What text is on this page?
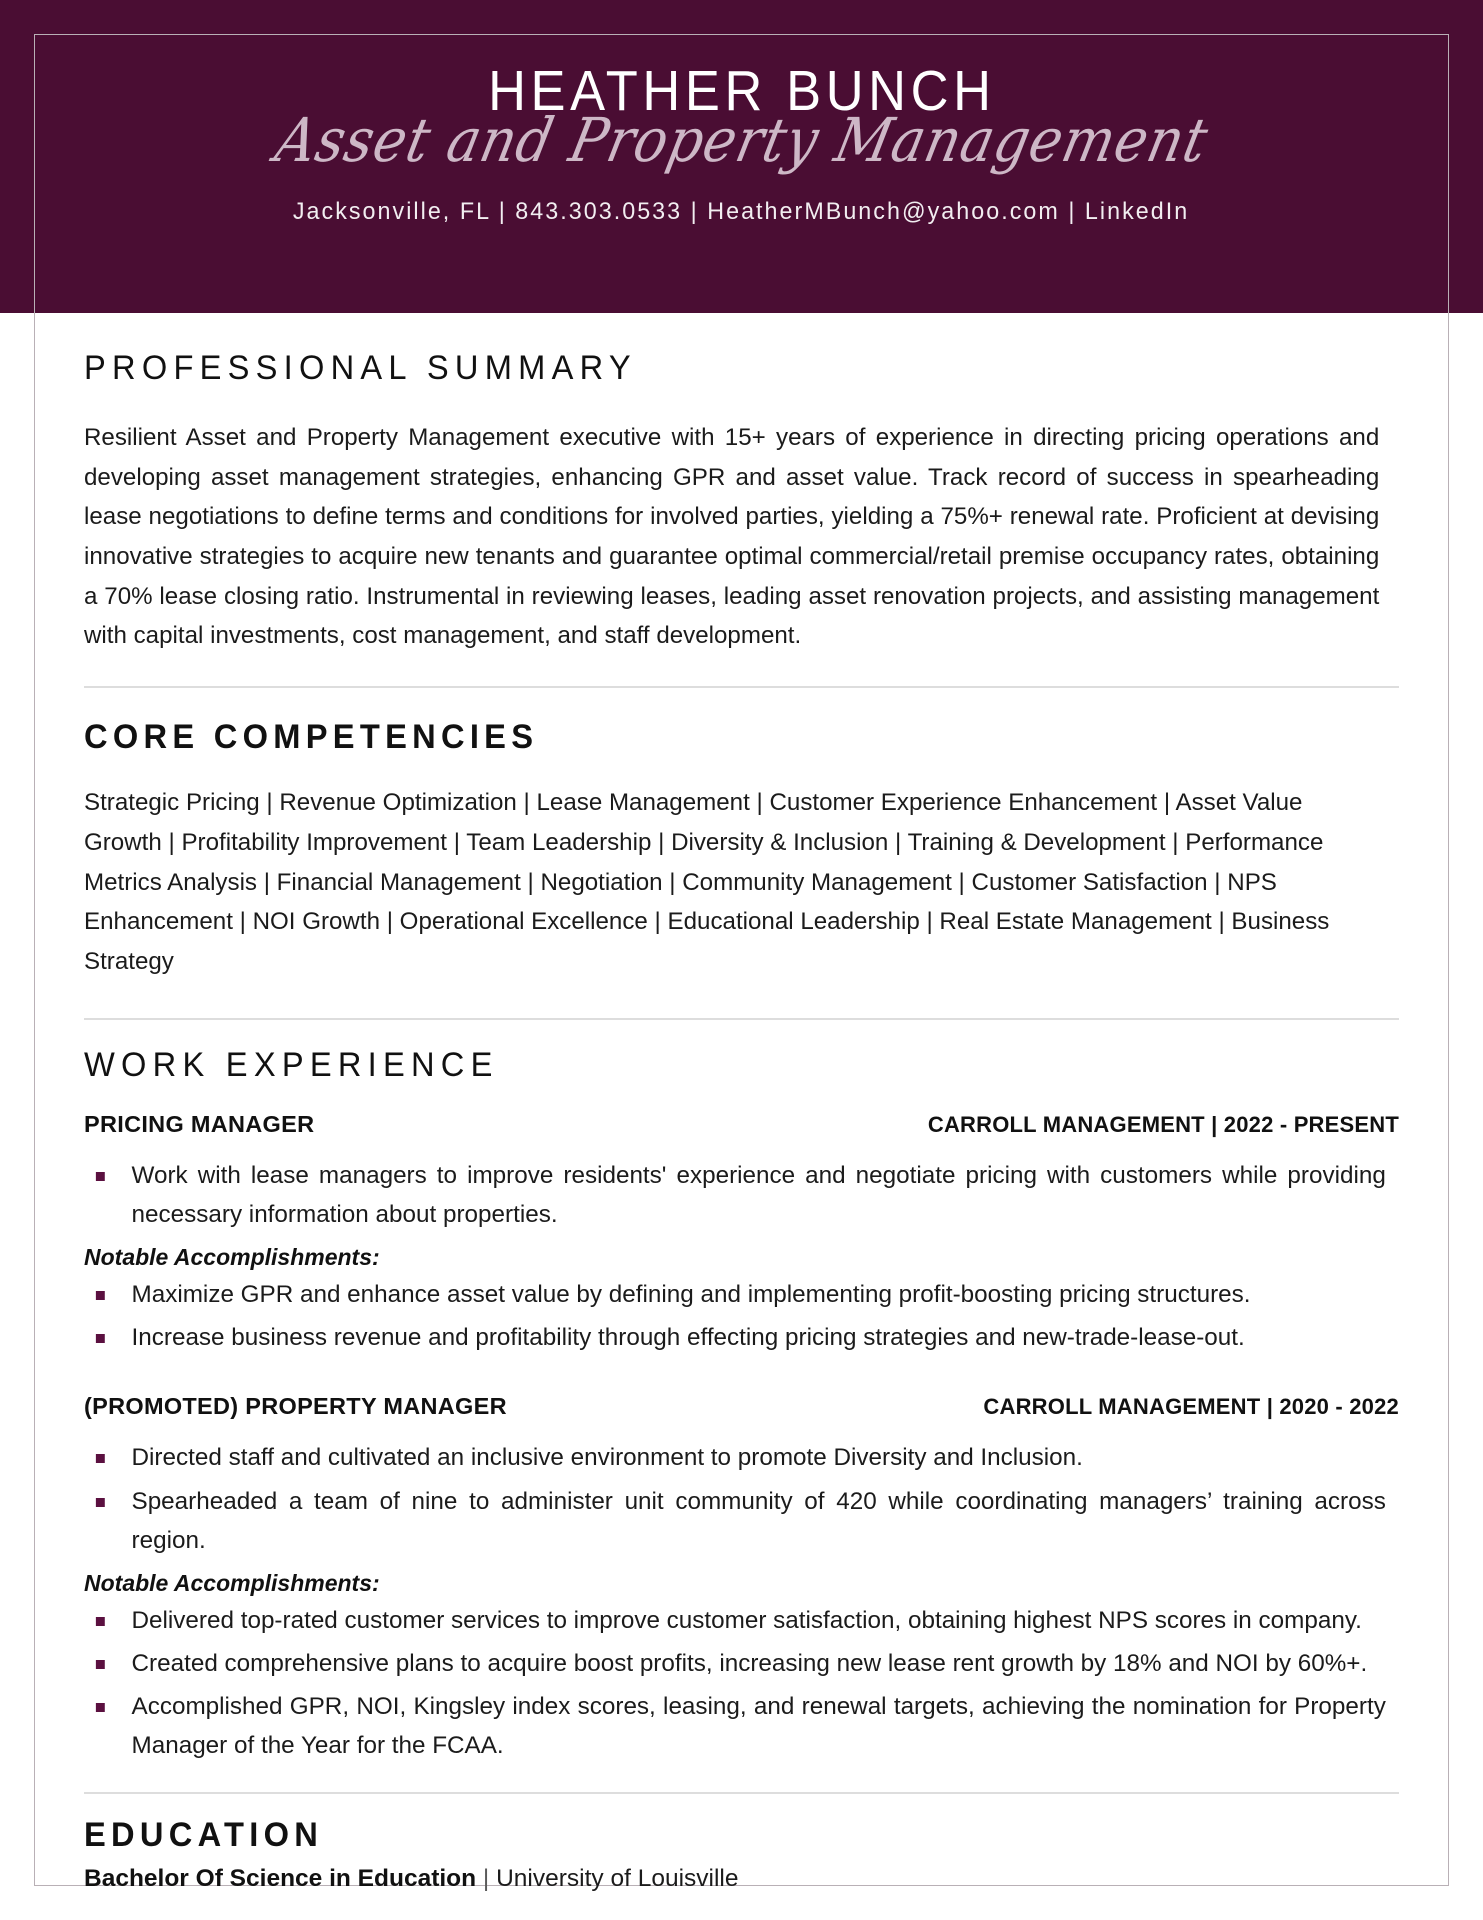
HEATHER BUNCH
Asset and Property Management
Jacksonville, FL | 843.303.0533 | HeatherMBunch@yahoo.com | LinkedIn
PROFESSIONAL SUMMARY

Resilient Asset and Property Management executive with 15+ years of experience in directing pricing operations and developing asset management strategies, enhancing GPR and asset value. Track record of success in spearheading lease negotiations to define terms and conditions for involved parties, yielding a 75%+ renewal rate. Proficient at devising innovative strategies to acquire new tenants and guarantee optimal commercial/retail premise occupancy rates, obtaining a 70% lease closing ratio. Instrumental in reviewing leases, leading asset renovation projects, and assisting management with capital investments, cost management, and staff development.

CORE COMPETENCIES
Strategic Pricing | Revenue Optimization | Lease Management | Customer Experience Enhancement | Asset Value Growth | Profitability Improvement | Team Leadership | Diversity & Inclusion | Training & Development | Performance Metrics Analysis | Financial Management | Negotiation | Community Management | Customer Satisfaction | NPS Enhancement | NOI Growth | Operational Excellence | Educational Leadership | Real Estate Management | Business Strategy
WORK EXPERIENCE
PRICING MANAGER	CARROLL MANAGEMENT | 2022 - PRESENT
Work with lease managers to improve residents' experience and negotiate pricing with customers while providing necessary information about properties.
Notable Accomplishments:
Maximize GPR and enhance asset value by defining and implementing profit-boosting pricing structures.
Increase business revenue and profitability through effecting pricing strategies and new-trade-lease-out.
(PROMOTED) PROPERTY MANAGER	CARROLL MANAGEMENT | 2020 - 2022
Directed staff and cultivated an inclusive environment to promote Diversity and Inclusion.
Spearheaded a team of nine to administer unit community of 420 while coordinating managers’ training across region.
Notable Accomplishments:
Delivered top-rated customer services to improve customer satisfaction, obtaining highest NPS scores in company.
Created comprehensive plans to acquire boost profits, increasing new lease rent growth by 18% and NOI by 60%+.
Accomplished GPR, NOI, Kingsley index scores, leasing, and renewal targets, achieving the nomination for Property Manager of the Year for the FCAA.
EDUCATION
Bachelor Of Science in Education | University of Louisville
